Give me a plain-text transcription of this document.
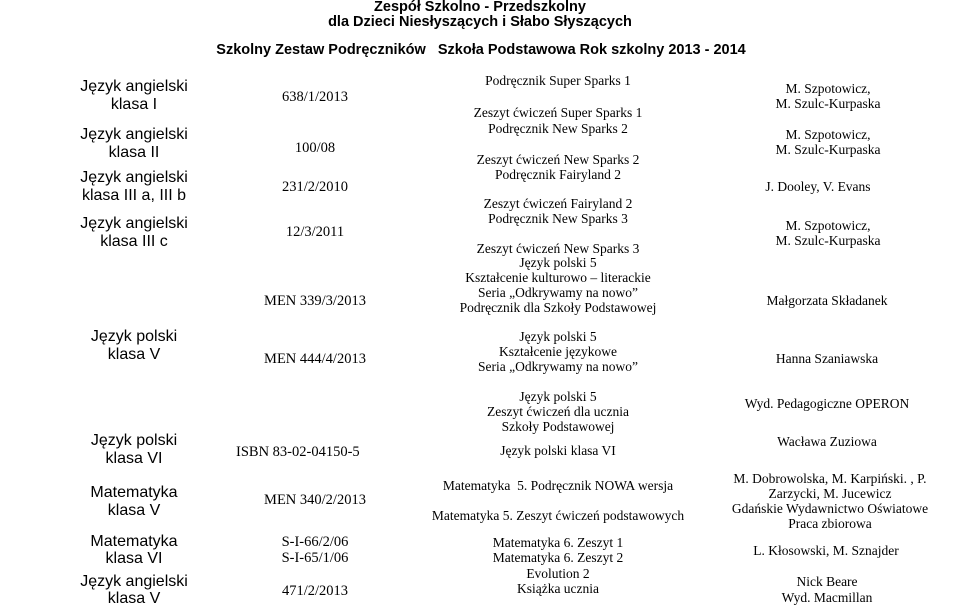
Zespół Szkolno - Przedszkolny
dla Dzieci Niesłyszących i Słabo Słyszących
Szkolny Zestaw Podręczników   Szkoła Podstawowa Rok szkolny 2013 - 2014
Język angielski
klasa I
Język angielski
klasa II
Język angielski
klasa III a, III b
Język angielski
klasa III c
Język polski
klasa V
Język polski
klasa VI
Matematyka
klasa V
Matematyka
klasa VI
Język angielski
klasa V
638/1/2013
100/08
231/2/2010
12/3/2011
MEN 339/3/2013
MEN 444/4/2013
ISBN 83-02-04150-5
MEN 340/2/2013
S-I-66/2/06
S-I-65/1/06
471/2/2013
Podręcznik Super Sparks 1
Zeszyt ćwiczeń Super Sparks 1
Podręcznik New Sparks 2
Zeszyt ćwiczeń New Sparks 2
Podręcznik Fairyland 2
Zeszyt ćwiczeń Fairyland 2
Podręcznik New Sparks 3
Zeszyt ćwiczeń New Sparks 3
Język polski 5
Kształcenie kulturowo – literackie
Seria „Odkrywamy na nowo”
Podręcznik dla Szkoły Podstawowej
Język polski 5
Kształcenie językowe
Seria „Odkrywamy na nowo”
Język polski 5
Zeszyt ćwiczeń dla ucznia
Szkoły Podstawowej
Język polski klasa VI
Matematyka  5. Podręcznik NOWA wersja
Matematyka 5. Zeszyt ćwiczeń podstawowych
Matematyka 6. Zeszyt 1
Matematyka 6. Zeszyt 2
Evolution 2
Książka ucznia
M. Szpotowicz,
M. Szulc-Kurpaska
M. Szpotowicz,
M. Szulc-Kurpaska
J. Dooley, V. Evans
M. Szpotowicz,
M. Szulc-Kurpaska
Małgorzata Składanek
Hanna Szaniawska
Wyd. Pedagogiczne OPERON
Wacława Zuziowa
M. Dobrowolska, M. Karpiński. , P.
Zarzycki, M. Jucewicz
Gdańskie Wydawnictwo Oświatowe
Praca zbiorowa
L. Kłosowski, M. Sznajder
Nick Beare
Wyd. Macmillan
